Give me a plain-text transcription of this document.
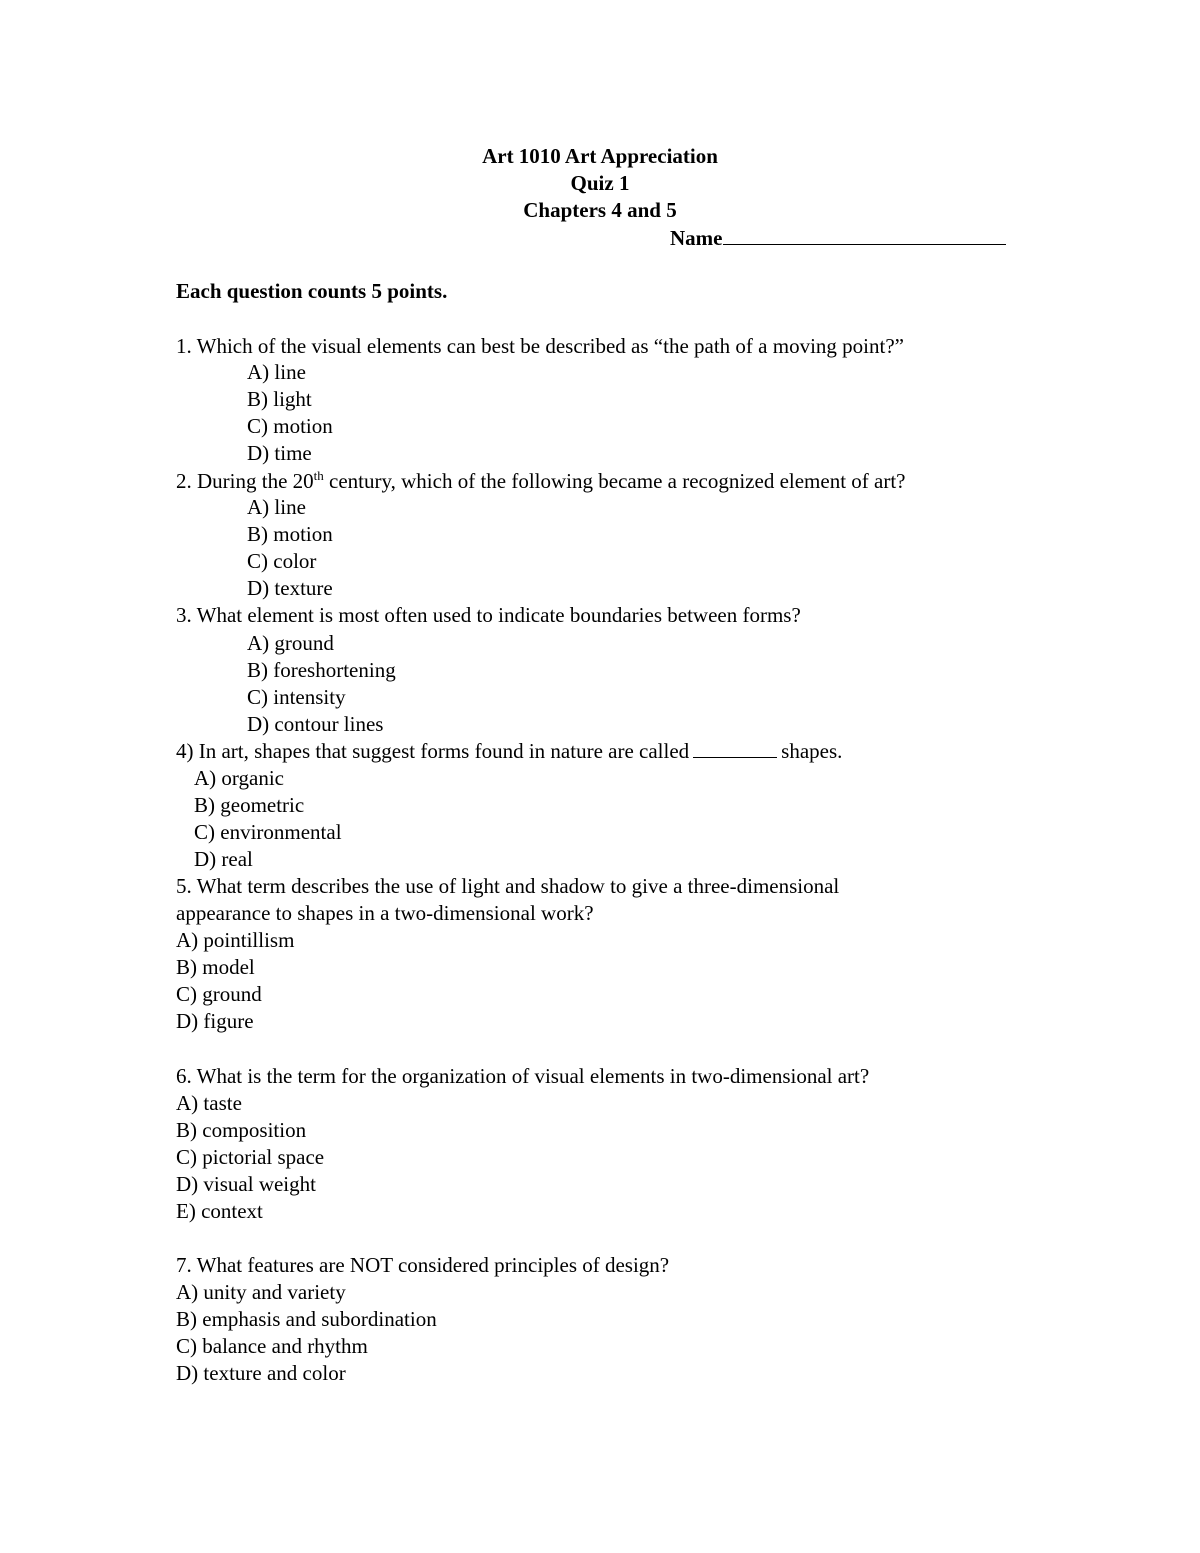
Art 1010 Art Appreciation
Quiz 1
Chapters 4 and 5
Name
Each question counts 5 points.
1. Which of the visual elements can best be described as “the path of a moving point?”
A) line
B) light
C) motion
D) time
2. During the 20th century, which of the following became a recognized element of art?
A) line
B) motion
C) color
D) texture
3. What element is most often used to indicate boundaries between forms?
A) ground
B) foreshortening
C) intensity
D) contour lines
4) In art, shapes that suggest forms found in nature are called	shapes.
A) organic
B) geometric
C) environmental
D) real
5. What term describes the use of light and shadow to give a three-dimensional
appearance to shapes in a two-dimensional work?
A) pointillism
B) model
C) ground
D) figure
6. What is the term for the organization of visual elements in two-dimensional art?
A) taste
B) composition
C) pictorial space
D) visual weight
E) context
7. What features are NOT considered principles of design?
A) unity and variety
B) emphasis and subordination
C) balance and rhythm
D) texture and color
